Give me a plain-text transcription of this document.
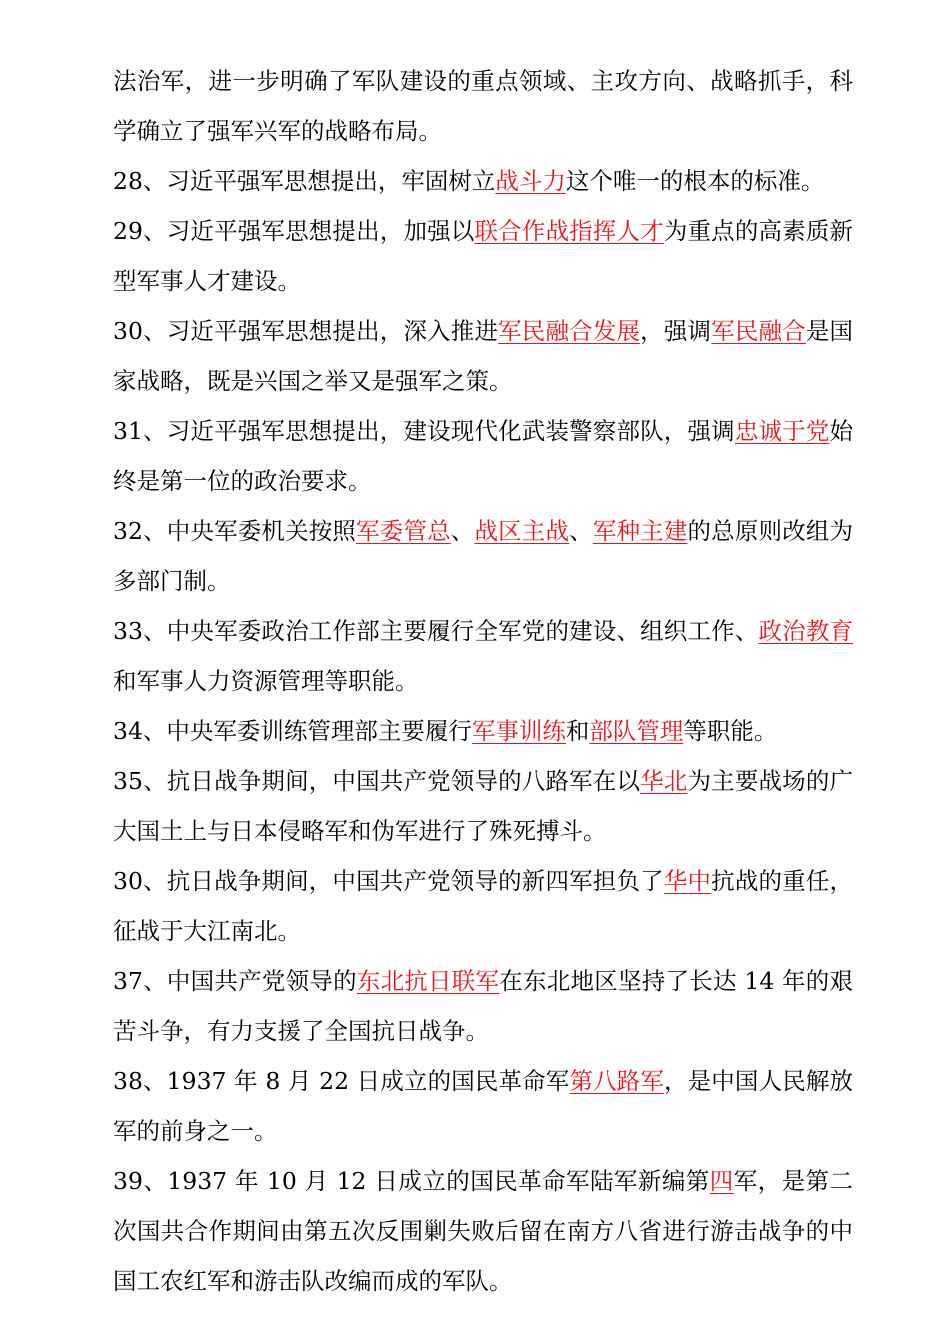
法治军，进一步明确了军队建设的重点领域、主攻方向、战略抓手，科学确立了强军兴军的战略布局。

28、习近平强军思想提出，牢固树立战斗力这个唯一的根本的标准。

29、习近平强军思想提出，加强以联合作战指挥人才为重点的高素质新型军事人才建设。

30、习近平强军思想提出，深入推进军民融合发展，强调军民融合是国家战略，既是兴国之举又是强军之策。

31、习近平强军思想提出，建设现代化武装警察部队，强调忠诚于党始终是第一位的政治要求。

32、中央军委机关按照军委管总、战区主战、军种主建的总原则改组为多部门制。

33、中央军委政治工作部主要履行全军党的建设、组织工作、政治教育和军事人力资源管理等职能。

34、中央军委训练管理部主要履行军事训练和部队管理等职能。

35、抗日战争期间，中国共产党领导的八路军在以华北为主要战场的广大国土上与日本侵略军和伪军进行了殊死搏斗。

30、抗日战争期间，中国共产党领导的新四军担负了华中抗战的重任，征战于大江南北。

37、中国共产党领导的东北抗日联军在东北地区坚持了长达 14 年的艰苦斗争，有力支援了全国抗日战争。

38、1937 年 8 月 22 日成立的国民革命军第八路军，是中国人民解放军的前身之一。

39、1937 年 10 月 12 日成立的国民革命军陆军新编第四军，是第二次国共合作期间由第五次反围剿失败后留在南方八省进行游击战争的中国工农红军和游击队改编而成的军队。
